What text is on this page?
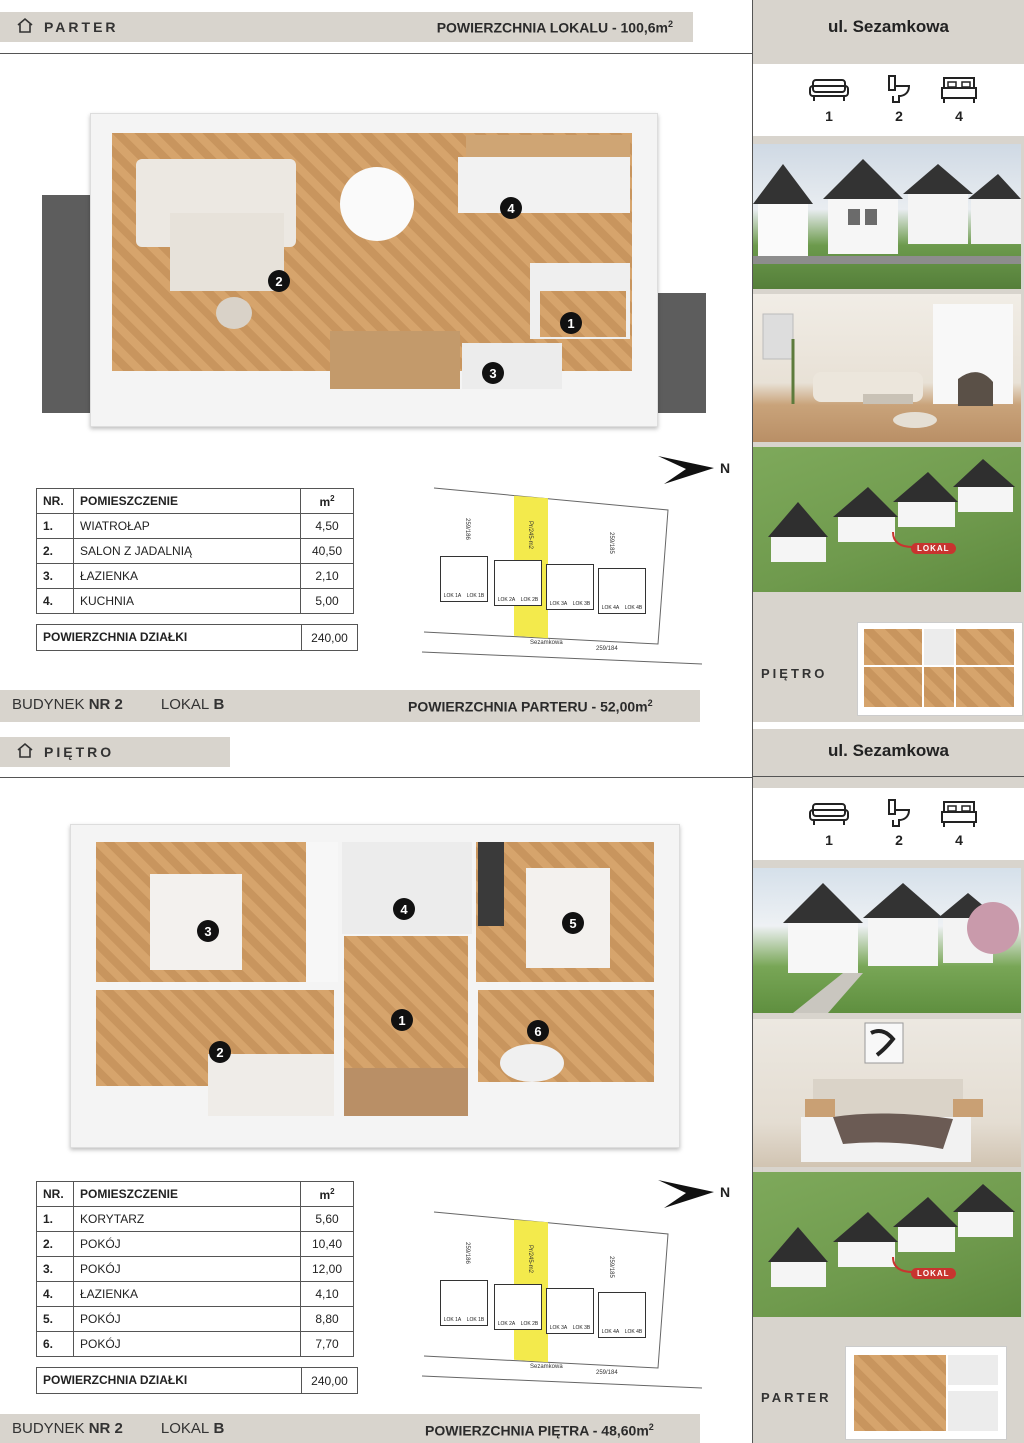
PARTER	POWIERZCHNIA LOKALU - $100,6m^2$	ul. Sezamkowa
1	2	4
LOKAL
PIĘTRO
4
2
1
3
NR.	POMIESZCZENIE	$m^2$
1.	WIATROŁAP	4,50
2.	SALON Z JADALNIĄ	40,50
3.	ŁAZIENKA	2,10
4.	KUCHNIA	5,00
POWIERZCHNIA DZIAŁKI	240,00
N
259/186	Pr/245-m2	259/185
LOK 1A LOK 1B
LOK 2A LOK 2B
LOK 3A LOK 3B
LOK 4A LOK 4B
Sezamkowa
259/184
BUDYNEK
NR 2	LOKAL
B	POWIERZCHNIA PARTERU - $52,00m^2$
PIĘTRO	ul. Sezamkowa
1	2	4
LOKAL
PARTER
3
4
5
1
2
6
NR.	POMIESZCZENIE	$m^2$
1.	KORYTARZ	5,60
2.	POKÓJ	10,40
3.	POKÓJ	12,00
4.	ŁAZIENKA	4,10
5.	POKÓJ	8,80
6.	POKÓJ	7,70
POWIERZCHNIA DZIAŁKI	240,00
N
259/186	Pr/245-m2	259/185
LOK 1A LOK 1B
LOK 2A LOK 2B
LOK 3A LOK 3B
LOK 4A LOK 4B
Sezamkowa
259/184
BUDYNEK
NR 2	LOKAL
B	POWIERZCHNIA PIĘTRA - $48,60m^2$
